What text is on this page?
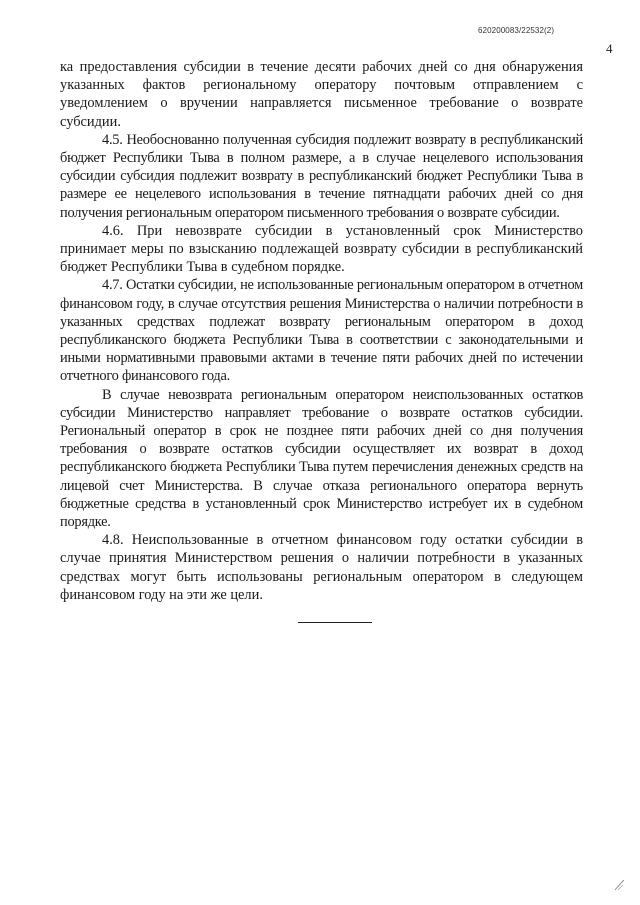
620200083/22532(2)
4

ка предоставления субсидии в течение десяти рабочих дней со дня обнаружения указанных фактов региональному оператору почтовым отправлением с уведомлением о вручении направляется письменное требование о возврате субсидии.

4.5. Необоснованно полученная субсидия подлежит возврату в республиканский бюджет Республики Тыва в полном размере, а в случае нецелевого использования субсидии субсидия подлежит возврату в республиканский бюджет Республики Тыва в размере ее нецелевого использования в течение пятнадцати рабочих дней со дня получения региональным оператором письменного требования о возврате субсидии.

4.6. При невозврате субсидии в установленный срок Министерство принимает меры по взысканию подлежащей возврату субсидии в республиканский бюджет Республики Тыва в судебном порядке.

4.7. Остатки субсидии, не использованные региональным оператором в отчетном финансовом году, в случае отсутствия решения Министерства о наличии потребности в указанных средствах подлежат возврату региональным оператором в доход республиканского бюджета Республики Тыва в соответствии с законодательными и иными нормативными правовыми актами в течение пяти рабочих дней по истечении отчетного финансового года.

В случае невозврата региональным оператором неиспользованных остатков субсидии Министерство направляет требование о возврате остатков субсидии. Региональный оператор в срок не позднее пяти рабочих дней со дня получения требования о возврате остатков субсидии осуществляет их возврат в доход республиканского бюджета Республики Тыва путем перечисления денежных средств на лицевой счет Министерства. В случае отказа регионального оператора вернуть бюджетные средства в установленный срок Министерство истребует их в судебном порядке.

4.8. Неиспользованные в отчетном финансовом году остатки субсидии в случае принятия Министерством решения о наличии потребности в указанных средствах могут быть использованы региональным оператором в следующем финансовом году на эти же цели.
